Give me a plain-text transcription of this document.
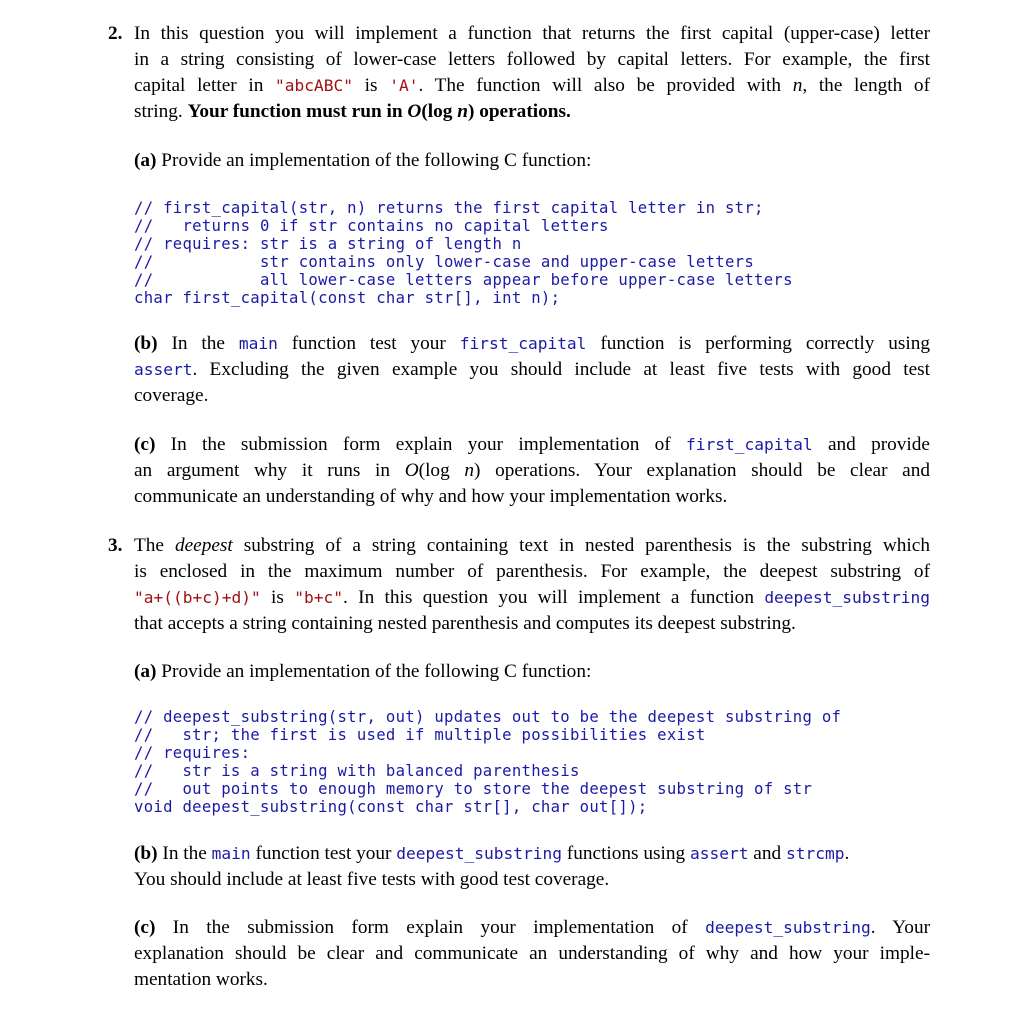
2. In this question you will implement a function that returns the first capital (upper-case) letter
in a string consisting of lower-case letters followed by capital letters. For example, the first
capital letter in "abcABC" is 'A'. The function will also be provided with n, the length of
string. Your function must run in O(log n) operations.
(a) Provide an implementation of the following C function:
// first_capital(str, n) returns the first capital letter in str;
//   returns 0 if str contains no capital letters
// requires: str is a string of length n
//           str contains only lower-case and upper-case letters
//           all lower-case letters appear before upper-case letters
char first_capital(const char str[], int n);
(b) In the main function test your first_capital function is performing correctly using
assert. Excluding the given example you should include at least five tests with good test
coverage.
(c) In the submission form explain your implementation of first_capital and provide
an argument why it runs in O(log n) operations. Your explanation should be clear and
communicate an understanding of why and how your implementation works.
3. The deepest substring of a string containing text in nested parenthesis is the substring which
is enclosed in the maximum number of parenthesis. For example, the deepest substring of
"a+((b+c)+d)" is "b+c". In this question you will implement a function deepest_substring
that accepts a string containing nested parenthesis and computes its deepest substring.
(a) Provide an implementation of the following C function:
// deepest_substring(str, out) updates out to be the deepest substring of
//   str; the first is used if multiple possibilities exist
// requires:
//   str is a string with balanced parenthesis
//   out points to enough memory to store the deepest substring of str
void deepest_substring(const char str[], char out[]);
(b) In the main function test your deepest_substring functions using assert and strcmp.
You should include at least five tests with good test coverage.
(c) In the submission form explain your implementation of deepest_substring. Your
explanation should be clear and communicate an understanding of why and how your imple-
mentation works.
